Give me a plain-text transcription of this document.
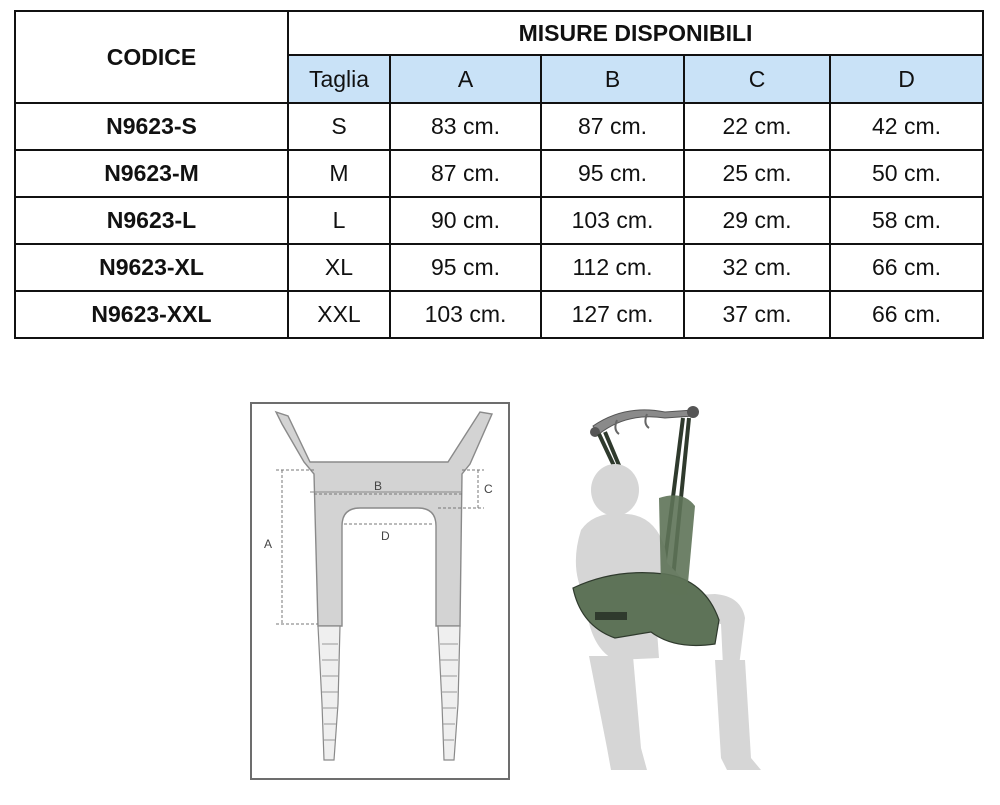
CODICE	MISURE DISPONIBILI				
	Taglia	A	B	C	D
N9623-S	S	83 cm.	87 cm.	22 cm.	42 cm.
N9623-M	M	87 cm.	95 cm.	25 cm.	50 cm.
N9623-L	L	90 cm.	103 cm.	29 cm.	58 cm.
N9623-XL	XL	95 cm.	112 cm.	32 cm.	66 cm.
N9623-XXL	XXL	103 cm.	127 cm.	37 cm.	66 cm.
A
B	C
D
